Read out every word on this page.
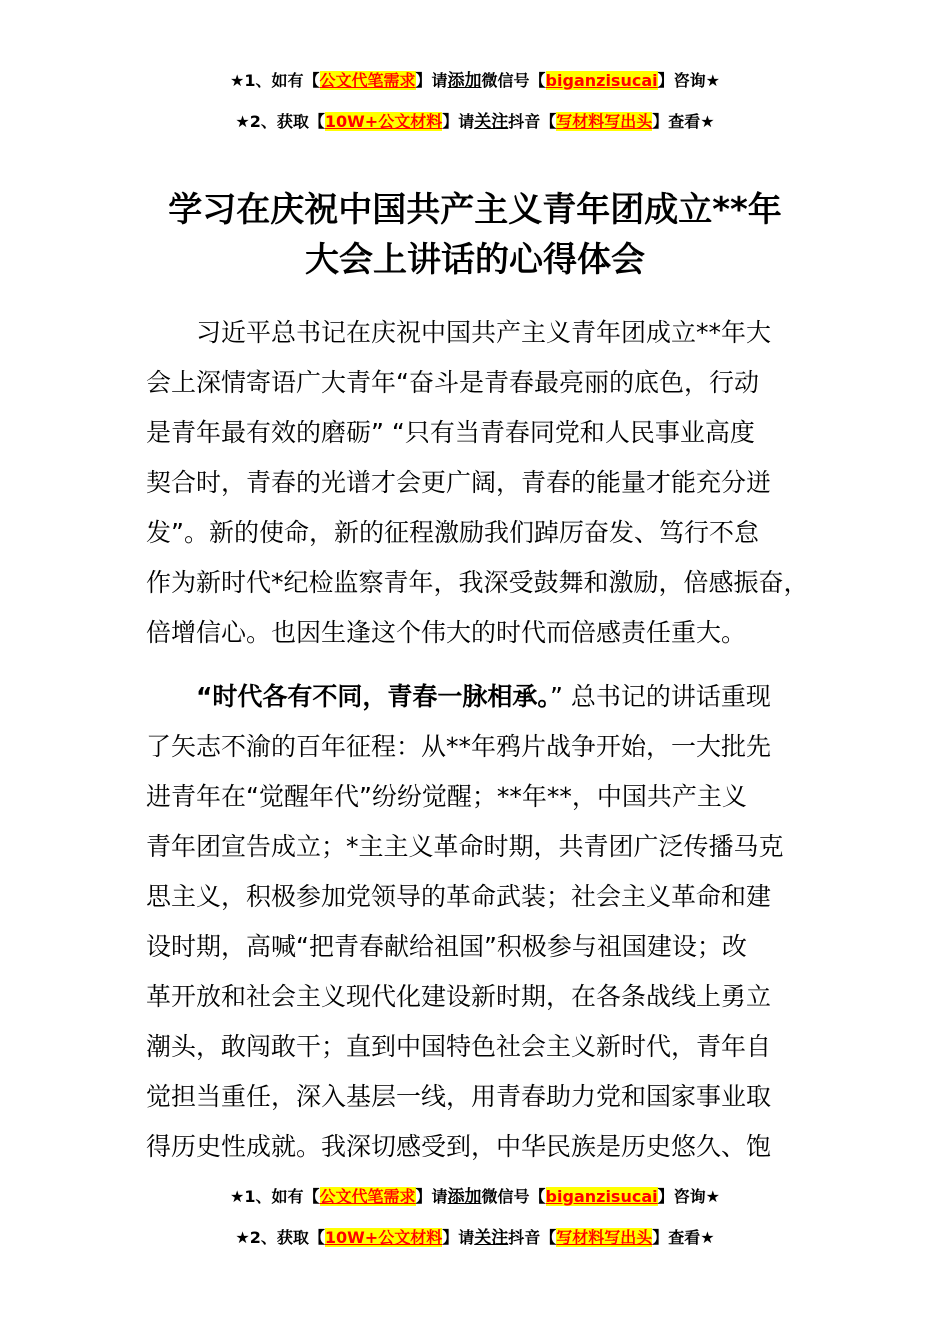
★1、如有【公文代笔需求】请添加微信号【biganzisucai】咨询★
★2、获取【10W+公文材料】请关注抖音【写材料写出头】查看★
学习在庆祝中国共产主义青年团成立**年
大会上讲话的心得体会
习近平总书记在庆祝中国共产主义青年团成立**年大
会上深情寄语广大青年“奋斗是青春最亮丽的底色，行动
是青年最有效的磨砺” “只有当青春同党和人民事业高度
契合时，青春的光谱才会更广阔，青春的能量才能充分迸
发”。新的使命，新的征程激励我们踔厉奋发、笃行不怠
作为新时代*纪检监察青年，我深受鼓舞和激励，倍感振奋，
倍增信心。也因生逢这个伟大的时代而倍感责任重大。
“时代各有不同，青春一脉相承。” 总书记的讲话重现
了矢志不渝的百年征程：从**年鸦片战争开始，一大批先
进青年在“觉醒年代”纷纷觉醒；**年**，中国共产主义
青年团宣告成立；*主主义革命时期，共青团广泛传播马克
思主义，积极参加党领导的革命武装；社会主义革命和建
设时期，高喊“把青春献给祖国”积极参与祖国建设；改
革开放和社会主义现代化建设新时期，在各条战线上勇立
潮头，敢闯敢干；直到中国特色社会主义新时代，青年自
觉担当重任，深入基层一线，用青春助力党和国家事业取
得历史性成就。我深切感受到，中华民族是历史悠久、饱
★1、如有【公文代笔需求】请添加微信号【biganzisucai】咨询★
★2、获取【10W+公文材料】请关注抖音【写材料写出头】查看★
